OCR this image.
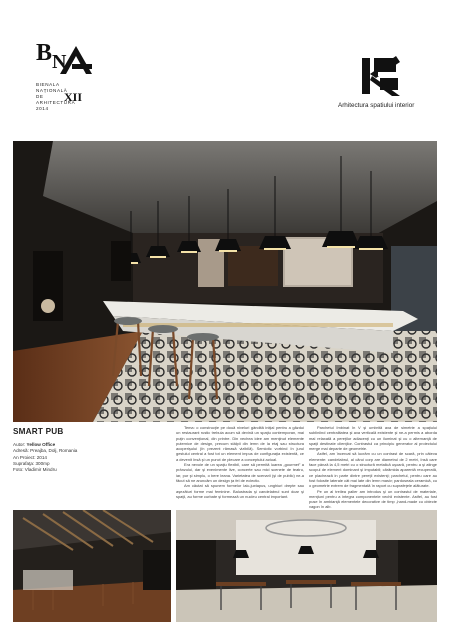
B N
BIENALA
NAȚIONALĂ
DE
ARHITECTURĂ
2014
XII
Arhitectura spatiului interior
SMART PUB
Autor: Yellow Office
Adresă: Preajba, Dolj, Romania
An Proiect: 2014
Suprafaţa: 300mp
Foto: Vladimir Mindru

Tema: o construcţie pe două niveluri gândită iniţial pentru a găzdui un restaurant rustic trebuia acum să devină un spaţiu contemporan, mai puţin convenţional, din printre. Din vechea idee am menţinut elemente puternice de design, precum stâlpii din lemn de la etaj sau structura acoperişului (în prezent rămasă vizibilă). Semiotic vorbind în jurul gestului central a fost tot un element impus de configuraţia existentă, ce a devenit însă şi un punct de plecare a conceptului actual.

Era nevoie de un spaţiu flexibil, care să permită luarea „gourmet” a prânzului, dar şi evenimente live, concerte sau mici scenete de teatru, iar, pur şi simplu, o bere leana. Varietatea de scenarii (şi de public) ne-a făcut să ne aruncăm un design ţa fel de eclectic.

Am căutat să spunem formelor laic-juxtapus, unghiuri drepte sau aşezături forme mai feminine. Balustrada şi candelabrul sunt doar şi spaţii, au forme curbate şi formează un nucleu central important.

Parchetul îmbinat în V şi umbrită axa de simetrie a spaţiului subliniind centralitatea şi axa verticală existente şi ne-a permis a aborda mai relaxată a pereţilor adiacenţi cu un iluminat şi cu o alternanţă de spaţii destinate clienţilor. Contrastul ca principiu generator al proiectului merge mai departe de geometrie.

Astfel, am încercat să lucrăm cu un contrast de scară, prin câteva elemente: candelabrul, al cărui corp are diametrul de 2 metri, însă care face pânză la 4,5 metri cu o structură metalică uşoară, pentru a şi atinge scopul de element dominant şi imputabil; cărămida aparentă recuperată, ce plachează in parte dintre pereţii existenţi; parchetul, pentru care au fost folosite laterale cât mai late din lemn masiv; pardoseala ceramică, cu o geometrie extrem de fragmentată în raport cu suprafeţele alăturate.

Pe un al treilea palier am introdus şi un contrastul de materiale, menţiuni pentru a integra componentele vechii existente. Astfel, au fost puse în ambianţă elementele decorative de timp „hand-made cu obiecte vagon în alb.
